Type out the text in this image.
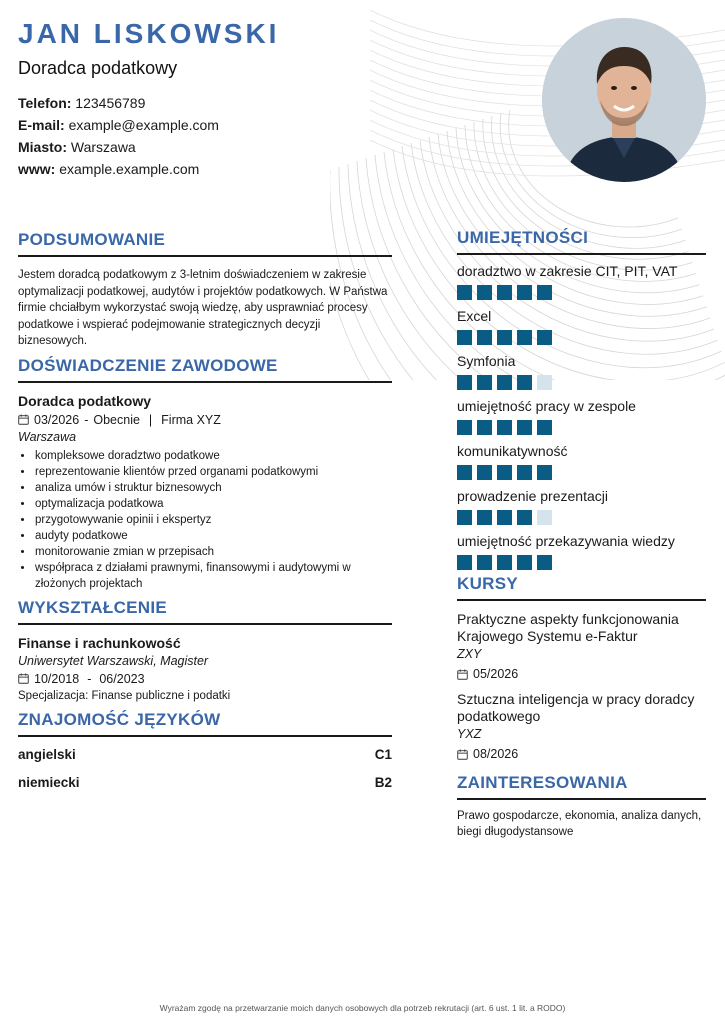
JAN LISKOWSKI
Doradca podatkowy
Telefon: 123456789
E-mail: example@example.com
Miasto: Warszawa
www: example.example.com
PODSUMOWANIE
Jestem doradcą podatkowym z 3-letnim doświadczeniem w zakresie optymalizacji podatkowej, audytów i projektów podatkowych. W Państwa firmie chciałbym wykorzystać swoją wiedzę, aby usprawniać procesy podatkowe i wspierać podejmowanie strategicznych decyzji biznesowych.
DOŚWIADCZENIE ZAWODOWE
Doradca podatkowy
03/2026 - Obecnie | Firma XYZ
Warszawa
• kompleksowe doradztwo podatkowe
• reprezentowanie klientów przed organami podatkowymi
• analiza umów i struktur biznesowych
• optymalizacja podatkowa
• przygotowywanie opinii i ekspertyz
• audyty podatkowe
• monitorowanie zmian w przepisach
• współpraca z działami prawnymi, finansowymi i audytowymi w złożonych projektach
WYKSZTAŁCENIE
Finanse i rachunkowość
Uniwersytet Warszawski, Magister
10/2018 - 06/2023
Specjalizacja: Finanse publiczne i podatki
ZNAJOMOŚĆ JĘZYKÓW
angielski	C1
niemiecki	B2
UMIEJĘTNOŚCI
doradztwo w zakresie CIT, PIT, VAT
Excel
Symfonia
umiejętność pracy w zespole
komunikatywność
prowadzenie prezentacji
umiejętność przekazywania wiedzy
KURSY
Praktyczne aspekty funkcjonowania Krajowego Systemu e-Faktur
ZXY
05/2026
Sztuczna inteligencja w pracy doradcy podatkowego
YXZ
08/2026
ZAINTERESOWANIA
Prawo gospodarcze, ekonomia, analiza danych, biegi długodystansowe
Wyrażam zgodę na przetwarzanie moich danych osobowych dla potrzeb rekrutacji (art. 6 ust. 1 lit. a RODO)
